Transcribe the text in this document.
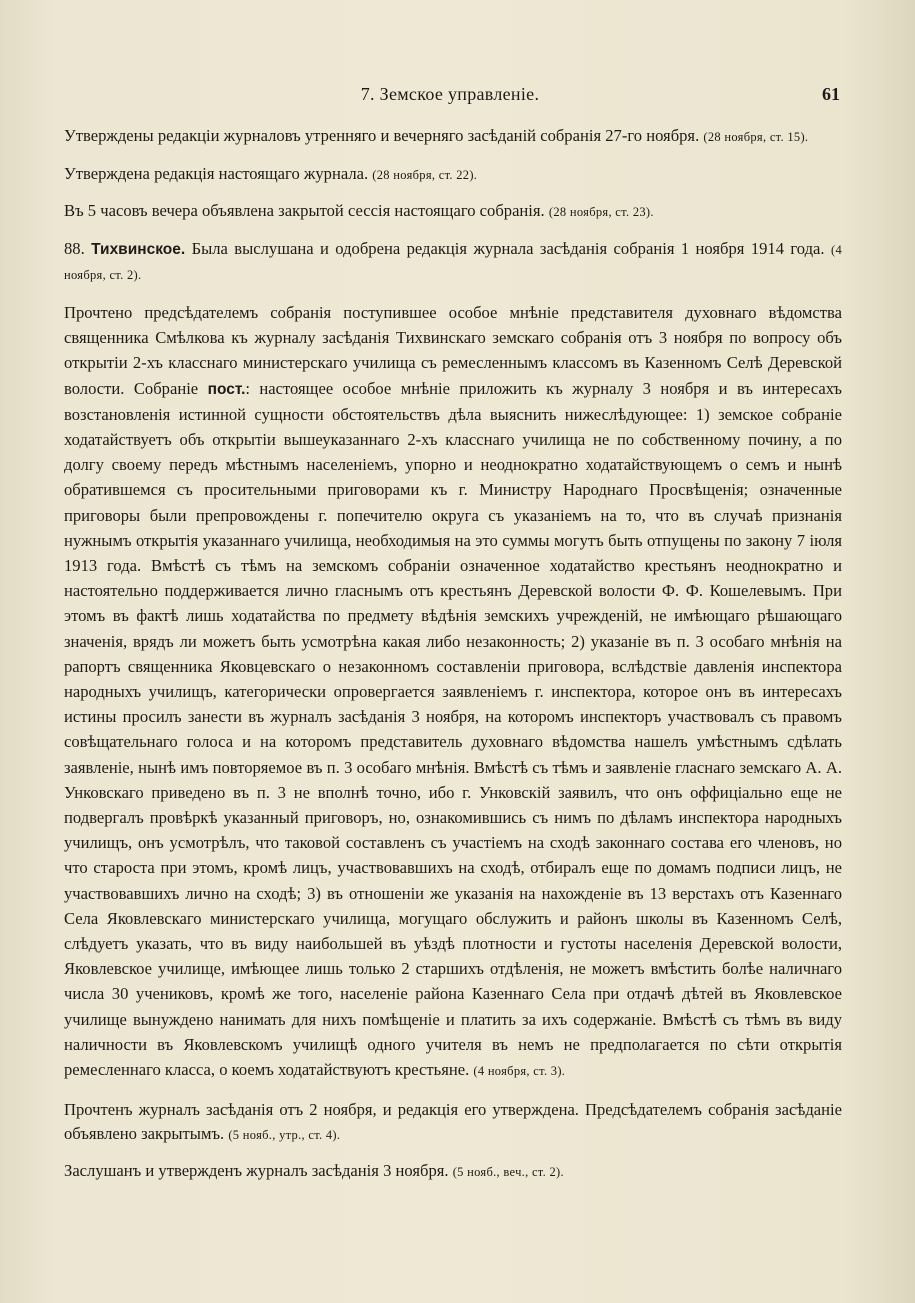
7. Земское управленіе.	61

Утверждены редакціи журналовъ утренняго и вечерняго засѣданій собранія 27-го ноября. (28 ноября, ст. 15).

Утверждена редакція настоящаго журнала. (28 ноября, ст. 22).

Въ 5 часовъ вечера объявлена закрытой сессія настоящаго собранія. (28 ноября, ст. 23).

88. Тихвинское. Была выслушана и одобрена редакція журнала засѣданія собранія 1 ноября 1914 года. (4 ноября, ст. 2).

Прочтено предсѣдателемъ собранія поступившее особое мнѣніе представителя духовнаго вѣдомства священника Смѣлкова къ журналу засѣданія Тихвинскаго земскаго собранія отъ 3 ноября по вопросу объ открытіи 2-хъ класснаго министерскаго училища съ ремесленнымъ классомъ въ Казенномъ Селѣ Деревской волости. Собраніе пост.: настоящее особое мнѣніе приложить къ журналу 3 ноября и въ интересахъ возстановленія истинной сущности обстоятельствъ дѣла выяснить нижеслѣдующее: 1) земское собраніе ходатайствуетъ объ открытіи вышеуказаннаго 2-хъ класснаго училища не по собственному почину, а по долгу своему передъ мѣстнымъ населеніемъ, упорно и неоднократно ходатайствующемъ о семъ и нынѣ обратившемся съ просительными приговорами къ г. Министру Народнаго Просвѣщенія; означенные приговоры были препровождены г. попечителю округа съ указаніемъ на то, что въ случаѣ признанія нужнымъ открытія указаннаго училища, необходимыя на это суммы могутъ быть отпущены по закону 7 іюля 1913 года. Вмѣстѣ съ тѣмъ на земскомъ собраніи означенное ходатайство крестьянъ неоднократно и настоятельно поддерживается лично гласнымъ отъ крестьянъ Деревской волости Ф. Ф. Кошелевымъ. При этомъ въ фактѣ лишь ходатайства по предмету вѣдѣнія земскихъ учрежденій, не имѣющаго рѣшающаго значенія, врядъ ли можетъ быть усмотрѣна какая либо незаконность; 2) указаніе въ п. 3 особаго мнѣнія на рапортъ священника Яковцевскаго о незаконномъ составленіи приговора, вслѣдствіе давленія инспектора народныхъ училищъ, категорически опровергается заявленіемъ г. инспектора, которое онъ въ интересахъ истины просилъ занести въ журналъ засѣданія 3 ноября, на которомъ инспекторъ участвовалъ съ правомъ совѣщательнаго голоса и на которомъ представитель духовнаго вѣдомства нашелъ умѣстнымъ сдѣлать заявленіе, нынѣ имъ повторяемое въ п. 3 особаго мнѣнія. Вмѣстѣ съ тѣмъ и заявленіе гласнаго земскаго А. А. Унковскаго приведено въ п. 3 не вполнѣ точно, ибо г. Унковскій заявилъ, что онъ оффиціально еще не подвергалъ провѣркѣ указанный приговоръ, но, ознакомившись съ нимъ по дѣламъ инспектора народныхъ училищъ, онъ усмотрѣлъ, что таковой составленъ съ участіемъ на сходѣ законнаго состава его членовъ, но что староста при этомъ, кромѣ лицъ, участвовавшихъ на сходѣ, отбиралъ еще по домамъ подписи лицъ, не участвовавшихъ лично на сходѣ; 3) въ отношеніи же указанія на нахожденіе въ 13 верстахъ отъ Казеннаго Села Яковлевскаго министерскаго училища, могущаго обслужить и районъ школы въ Казенномъ Селѣ, слѣдуетъ указать, что въ виду наибольшей въ уѣздѣ плотности и густоты населенія Деревской волости, Яковлевское училище, имѣющее лишь только 2 старшихъ отдѣленія, не можетъ вмѣстить болѣе наличнаго числа 30 учениковъ, кромѣ же того, населеніе района Казеннаго Села при отдачѣ дѣтей въ Яковлевское училище вынуждено нанимать для нихъ помѣщеніе и платить за ихъ содержаніе. Вмѣстѣ съ тѣмъ въ виду наличности въ Яковлевскомъ училищѣ одного учителя въ немъ не предполагается по сѣти открытія ремесленнаго класса, о коемъ ходатайствуютъ крестьяне. (4 ноября, ст. 3).

Прочтенъ журналъ засѣданія отъ 2 ноября, и редакція его утверждена. Предсѣдателемъ собранія засѣданіе объявлено закрытымъ. (5 нояб., утр., ст. 4).

Заслушанъ и утвержденъ журналъ засѣданія 3 ноября. (5 нояб., веч., ст. 2).
